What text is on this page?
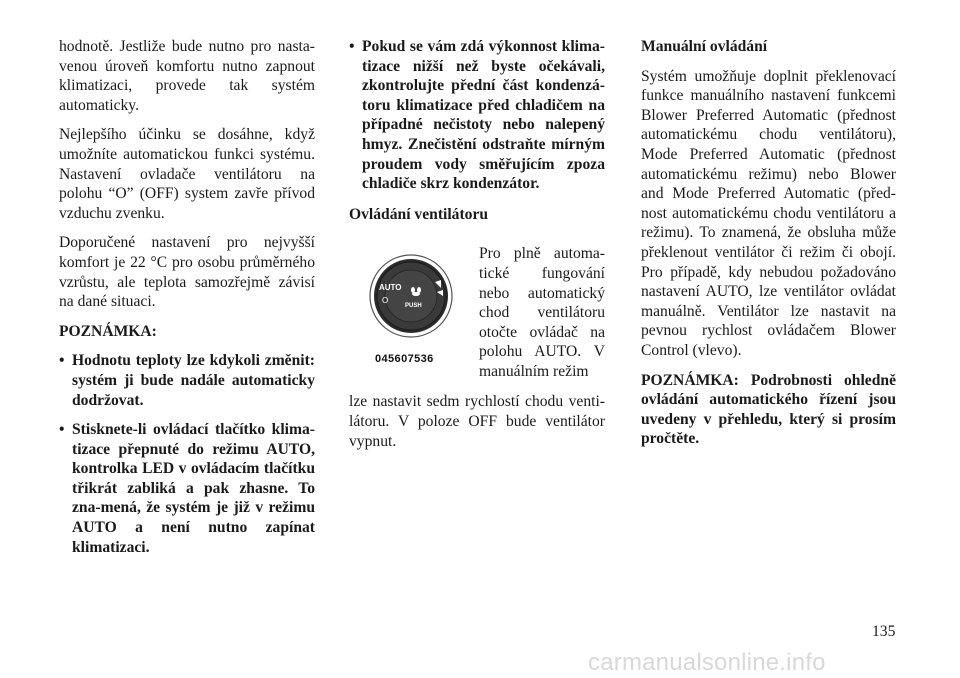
hodnotě. Jestliže bude nutno pro nasta-venou úroveň komfortu nutno zapnout klimatizaci, provede tak systém automaticky.

Nejlepšího účinku se dosáhne, když umožníte automatickou funkci systému. Nastavení ovladače ventilátoru na polohu “O” (OFF) system zavře přívod vzduchu zvenku.

Doporučené nastavení pro nejvyšší komfort je 22 °C pro osobu průměrného vzrůstu, ale teplota samozřejmě závisí na dané situaci.

POZNÁMKA:

• Hodnotu teploty lze kdykoli změnit: systém ji bude nadále automaticky dodržovat.

• Stisknete-li ovládací tlačítko klima-tizace přepnuté do režimu AUTO, kontrolka LED v ovládacím tlačítku třikrát zabliká a pak zhasne. To zna-mená, že systém je již v režimu AUTO a není nutno zapínat klimatizaci.

• Pokud se vám zdá výkonnost klima-tizace nižší než byste očekávali, zkontrolujte přední část kondenzá-toru klimatizace před chladičem na případné nečistoty nebo nalepený hmyz. Znečistění odstraňte mírným proudem vody směřujícím zpoza chladiče skrz kondenzátor.

Ovládání ventilátoru

AUTO
O
PUSH
045607536

Pro plně automa-tické fungování nebo automatický chod ventilátoru otočte ovládač na polohu AUTO. V manuálním režim

lze nastavit sedm rychlostí chodu venti-látoru. V poloze OFF bude ventilátor vypnut.

Manuální ovládání

Systém umožňuje doplnit překlenovací funkce manuálního nastavení funkcemi Blower Preferred Automatic (přednost automatickému chodu ventilátoru), Mode Preferred Automatic (přednost automatickému režimu) nebo Blower and Mode Preferred Automatic (před-nost automatickému chodu ventilátoru a režimu). To znamená, že obsluha může překlenout ventilátor či režim či obojí. Pro případě, kdy nebudou požadováno nastavení AUTO, lze ventilátor ovládat manuálně. Ventilátor lze nastavit na pevnou rychlost ovládačem Blower Control (vlevo).

POZNÁMKA: Podrobnosti ohledně ovládání automatického řízení jsou uvedeny v přehledu, který si prosím pročtěte.

135
carmanualsonline.info
